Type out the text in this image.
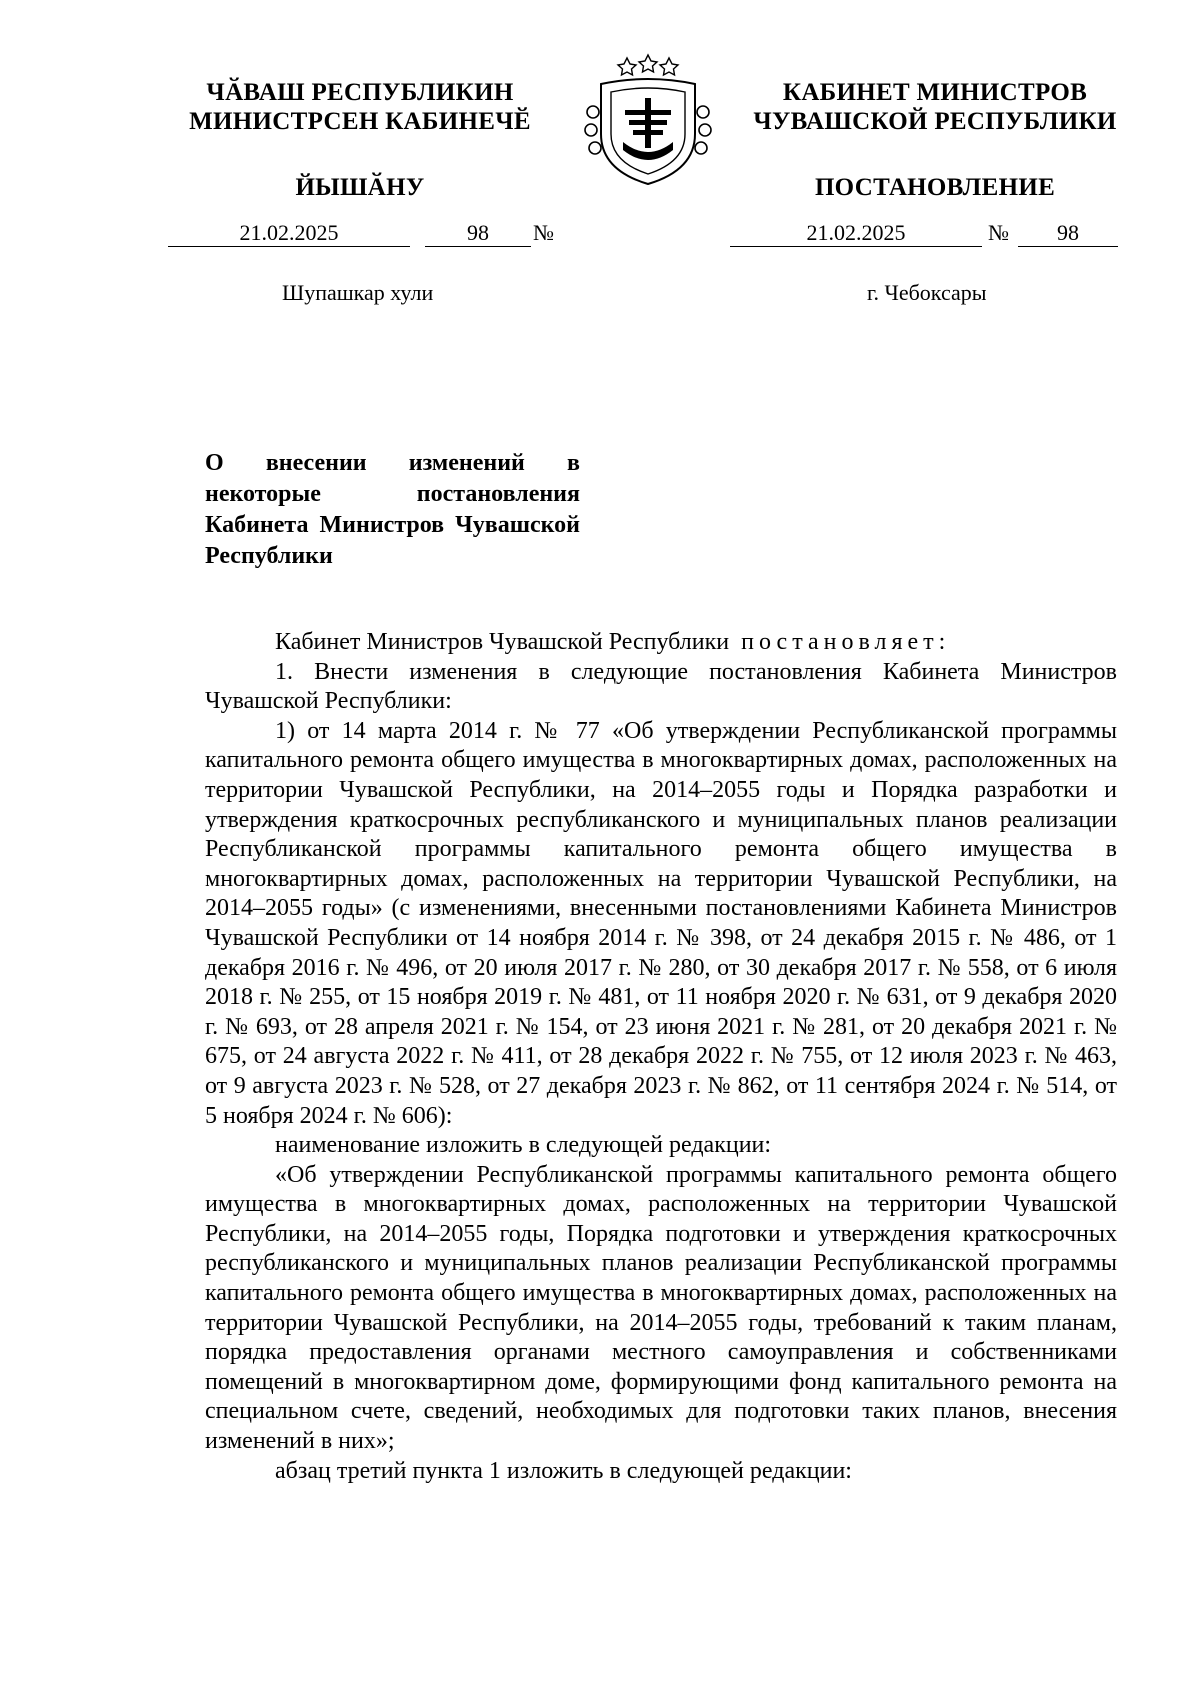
ЧӐВАШ РЕСПУБЛИКИН
МИНИСТРСЕН КАБИНЕЧӖ
ЙЫШӐНУ
КАБИНЕТ МИНИСТРОВ
ЧУВАШСКОЙ РЕСПУБЛИКИ
ПОСТАНОВЛЕНИЕ
21.02.2025	98	№	21.02.2025	№	98
Шупашкар хули	г. Чебоксары
О внесении изменений в некоторые постановления Кабинета Министров Чувашской Республики

Кабинет Министров Чувашской Республики постановляет:

1. Внести изменения в следующие постановления Кабинета Министров Чувашской Республики:

1) от 14 марта 2014 г. № 77 «Об утверждении Республиканской программы капитального ремонта общего имущества в многоквартирных домах, расположенных на территории Чувашской Республики, на 2014–2055 годы и Порядка разработки и утверждения краткосрочных республиканского и муниципальных планов реализации Республиканской программы капитального ремонта общего имущества в многоквартирных домах, расположенных на территории Чувашской Республики, на 2014–2055 годы» (с изменениями, внесенными постановлениями Кабинета Министров Чувашской Республики от 14 ноября 2014 г. № 398, от 24 декабря 2015 г. № 486, от 1 декабря 2016 г. № 496, от 20 июля 2017 г. № 280, от 30 декабря 2017 г. № 558, от 6 июля 2018 г. № 255, от 15 ноября 2019 г. № 481, от 11 ноября 2020 г. № 631, от 9 декабря 2020 г. № 693, от 28 апреля 2021 г. № 154, от 23 июня 2021 г. № 281, от 20 декабря 2021 г. № 675, от 24 августа 2022 г. № 411, от 28 декабря 2022 г. № 755, от 12 июля 2023 г. № 463, от 9 августа 2023 г. № 528, от 27 декабря 2023 г. № 862, от 11 сентября 2024 г. № 514, от 5 ноября 2024 г. № 606):

наименование изложить в следующей редакции:

«Об утверждении Республиканской программы капитального ремонта общего имущества в многоквартирных домах, расположенных на территории Чувашской Республики, на 2014–2055 годы, Порядка подготовки и утверждения краткосрочных республиканского и муниципальных планов реализации Республиканской программы капитального ремонта общего имущества в многоквартирных домах, расположенных на территории Чувашской Республики, на 2014–2055 годы, требований к таким планам, порядка предоставления органами местного самоуправления и собственниками помещений в многоквартирном доме, формирующими фонд капитального ремонта на специальном счете, сведений, необходимых для подготовки таких планов, внесения изменений в них»;

абзац третий пункта 1 изложить в следующей редакции:
